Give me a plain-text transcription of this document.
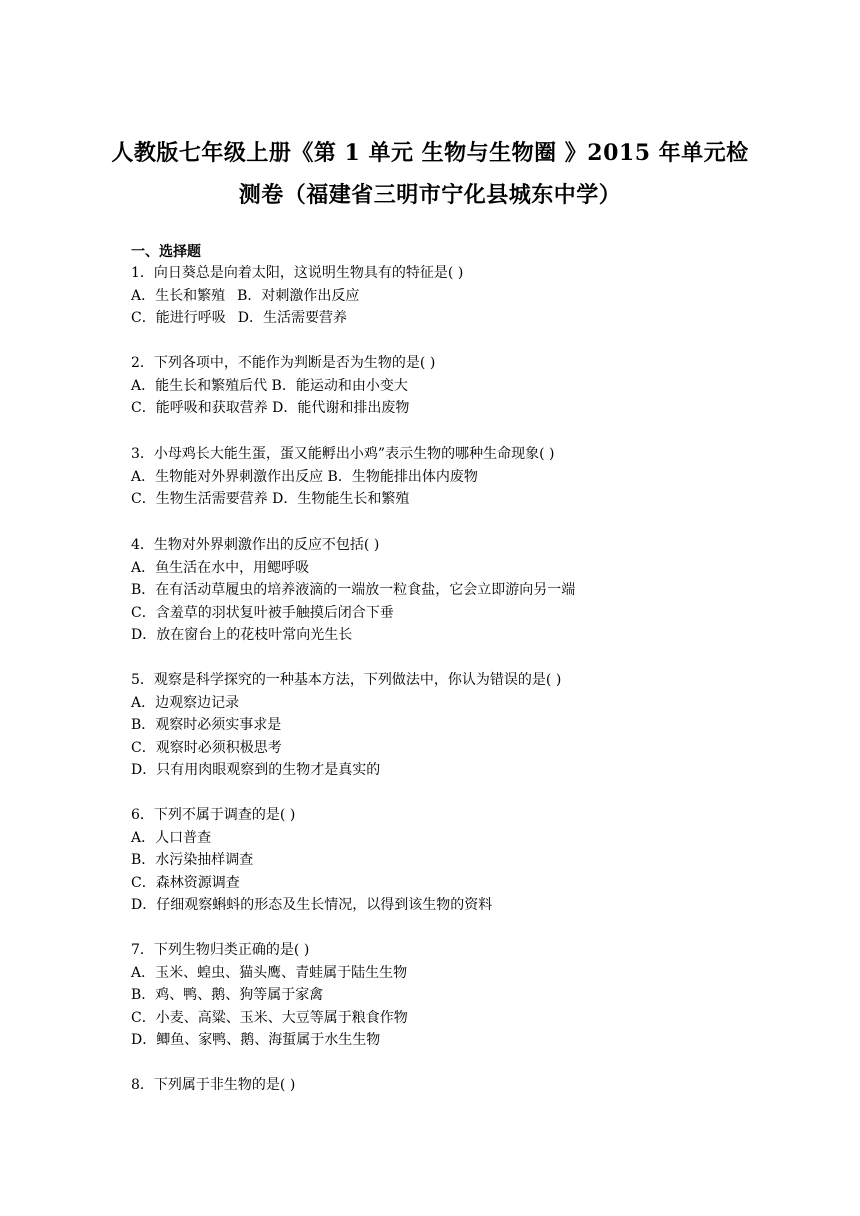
人教版七年级上册《第 1 单元 生物与生物圈 》2015 年单元检
测卷（福建省三明市宁化县城东中学）
一、选择题
1．向日葵总是向着太阳，这说明生物具有的特征是( )
A．生长和繁殖 B．对刺激作出反应
C．能进行呼吸 D．生活需要营养
2．下列各项中，不能作为判断是否为生物的是( )
A．能生长和繁殖后代 B．能运动和由小变大
C．能呼吸和获取营养 D．能代谢和排出废物
3．小母鸡长大能生蛋，蛋又能孵出小鸡”表示生物的哪种生命现象( )
A．生物能对外界刺激作出反应 B．生物能排出体内废物
C．生物生活需要营养 D．生物能生长和繁殖
4．生物对外界刺激作出的反应不包括( )
A．鱼生活在水中，用鳃呼吸
B．在有活动草履虫的培养液滴的一端放一粒食盐，它会立即游向另一端
C．含羞草的羽状复叶被手触摸后闭合下垂
D．放在窗台上的花枝叶常向光生长
5．观察是科学探究的一种基本方法，下列做法中，你认为错误的是( )
A．边观察边记录
B．观察时必须实事求是
C．观察时必须积极思考
D．只有用肉眼观察到的生物才是真实的
6．下列不属于调查的是( )
A．人口普查
B．水污染抽样调查
C．森林资源调查
D．仔细观察蝌蚪的形态及生长情况，以得到该生物的资料
7．下列生物归类正确的是( )
A．玉米、蝗虫、猫头鹰、青蛙属于陆生生物
B．鸡、鸭、鹅、狗等属于家禽
C．小麦、高粱、玉米、大豆等属于粮食作物
D．鲫鱼、家鸭、鹅、海蜇属于水生生物
8．下列属于非生物的是( )
